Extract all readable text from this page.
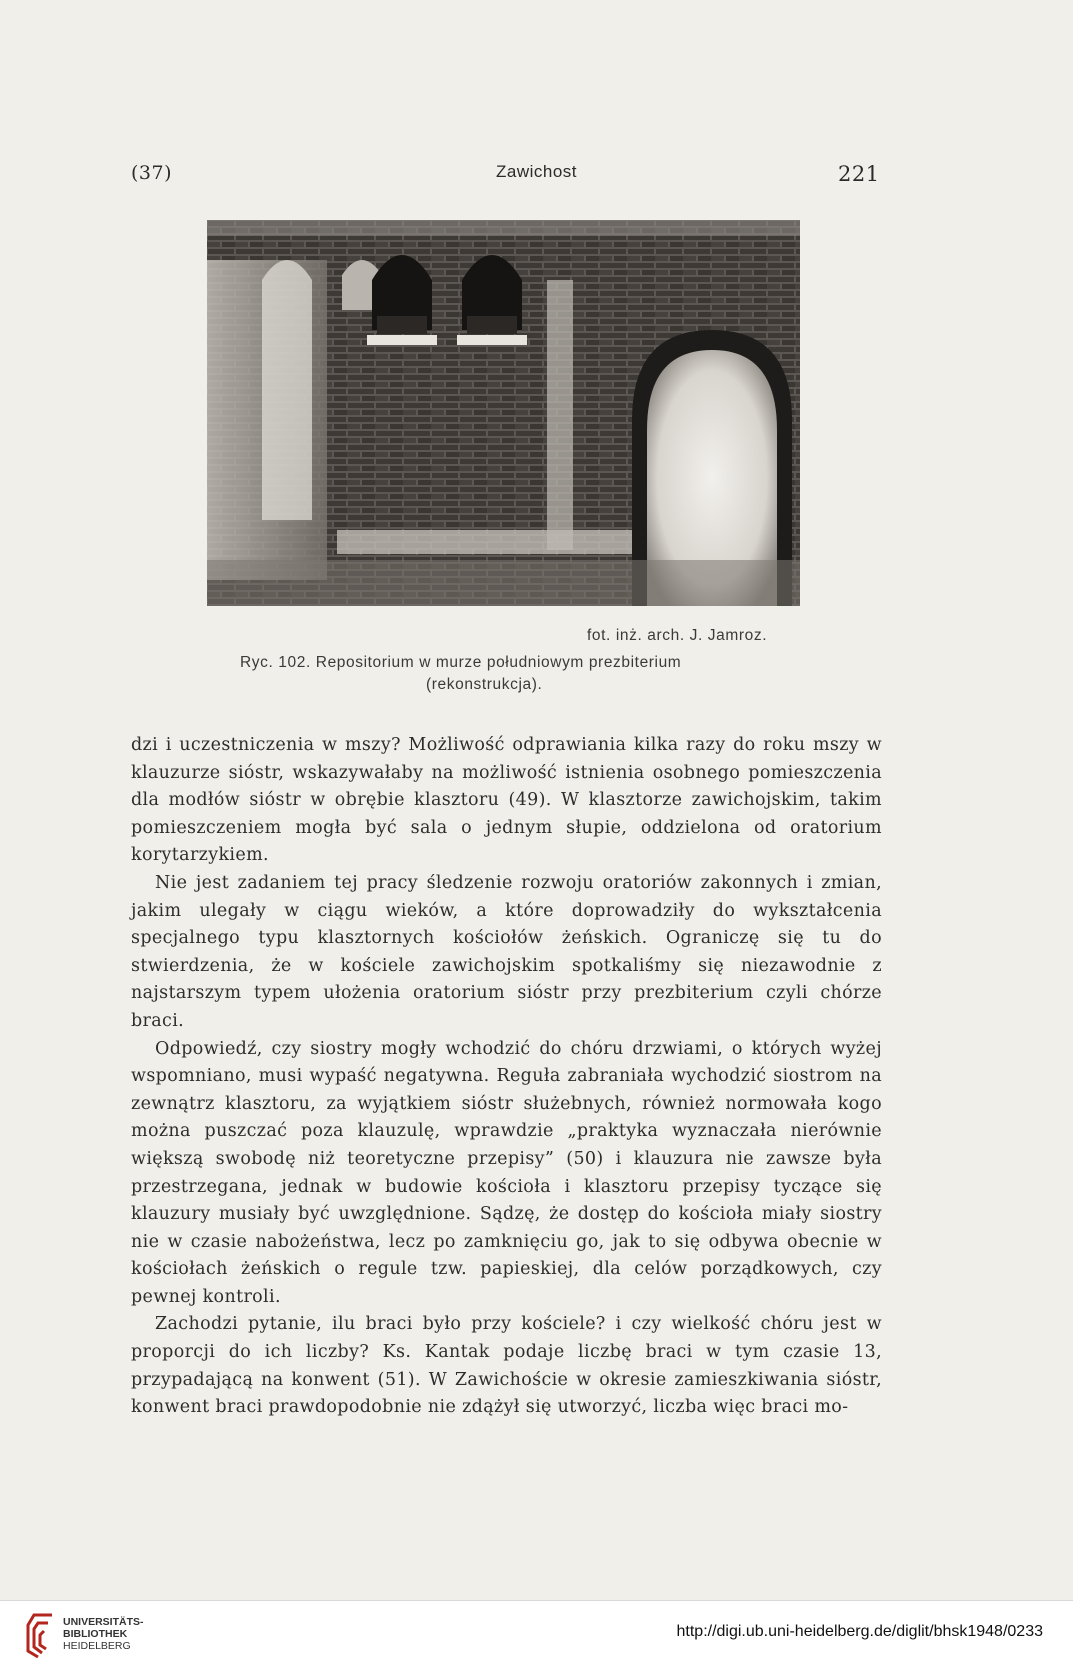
(37)	Zawichost	221
fot. inż. arch. J. Jamroz.
Ryc. 102. Repositorium w murze południowym prezbiterium
(rekonstrukcja).

dzi i uczestniczenia w mszy? Możliwość odprawiania kilka razy do roku mszy w klauzurze sióstr, wskazywałaby na możliwość istnienia osobnego pomieszczenia dla modłów sióstr w obrębie klasztoru (49). W klasztorze zawichojskim, takim pomieszczeniem mogła być sala o jednym słupie, oddzielona od oratorium korytarzykiem.

Nie jest zadaniem tej pracy śledzenie rozwoju oratoriów zakonnych i zmian, jakim ulegały w ciągu wieków, a które doprowadziły do wykształcenia specjalnego typu klasztornych kościołów żeńskich. Ograniczę się tu do stwierdzenia, że w kościele zawichojskim spotkaliśmy się niezawodnie z najstarszym typem ułożenia oratorium sióstr przy prezbiterium czyli chórze braci.

Odpowiedź, czy siostry mogły wchodzić do chóru drzwiami, o których wyżej wspomniano, musi wypaść negatywna. Reguła zabraniała wychodzić siostrom na zewnątrz klasztoru, za wyjątkiem sióstr służebnych, również normowała kogo można puszczać poza klauzulę, wprawdzie „praktyka wyznaczała nierównie większą swobodę niż teoretyczne przepisy” (50) i klauzura nie zawsze była przestrzegana, jednak w budowie kościoła i klasztoru przepisy tyczące się klauzury musiały być uwzględnione. Sądzę, że dostęp do kościoła miały siostry nie w czasie nabożeństwa, lecz po zamknięciu go, jak to się odbywa obecnie w kościołach żeńskich o regule tzw. papieskiej, dla celów porządkowych, czy pewnej kontroli.

Zachodzi pytanie, ilu braci było przy kościele? i czy wielkość chóru jest w proporcji do ich liczby? Ks. Kantak podaje liczbę braci w tym czasie 13, przypadającą na konwent (51). W Zawichoście w okresie zamieszkiwania sióstr, konwent braci prawdopodobnie nie zdążył się utworzyć, liczba więc braci mo-

UNIVERSITÄTS-
BIBLIOTHEK
HEIDELBERG
http://digi.ub.uni-heidelberg.de/diglit/bhsk1948/0233
